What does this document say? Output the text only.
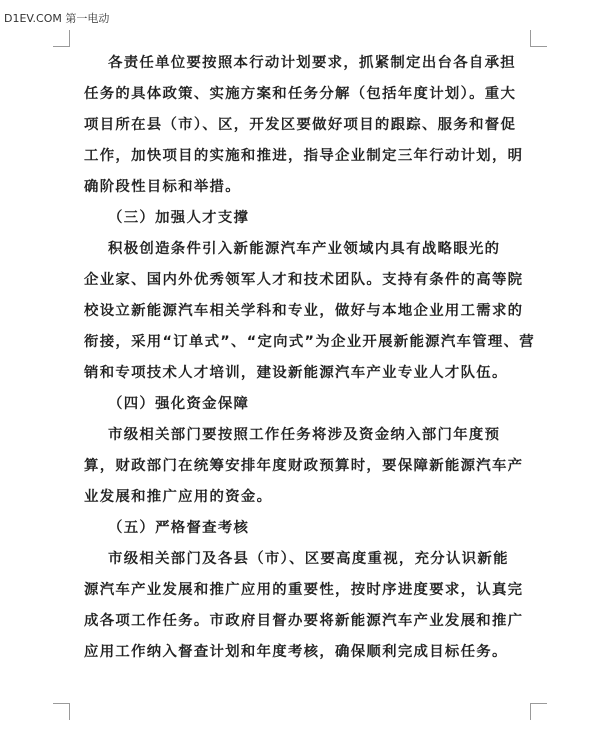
D1EV.COM 第一电动
各责任单位要按照本行动计划要求，抓紧制定出台各自承担
任务的具体政策、实施方案和任务分解（包括年度计划）。重大
项目所在县（市）、区，开发区要做好项目的跟踪、服务和督促
工作，加快项目的实施和推进，指导企业制定三年行动计划，明
确阶段性目标和举措。
（三）加强人才支撑
积极创造条件引入新能源汽车产业领域内具有战略眼光的
企业家、国内外优秀领军人才和技术团队。支持有条件的高等院
校设立新能源汽车相关学科和专业，做好与本地企业用工需求的
衔接，采用“订单式”、“定向式”为企业开展新能源汽车管理、营
销和专项技术人才培训，建设新能源汽车产业专业人才队伍。
（四）强化资金保障
市级相关部门要按照工作任务将涉及资金纳入部门年度预
算，财政部门在统筹安排年度财政预算时，要保障新能源汽车产
业发展和推广应用的资金。
（五）严格督查考核
市级相关部门及各县（市）、区要高度重视，充分认识新能
源汽车产业发展和推广应用的重要性，按时序进度要求，认真完
成各项工作任务。市政府目督办要将新能源汽车产业发展和推广
应用工作纳入督查计划和年度考核，确保顺利完成目标任务。
